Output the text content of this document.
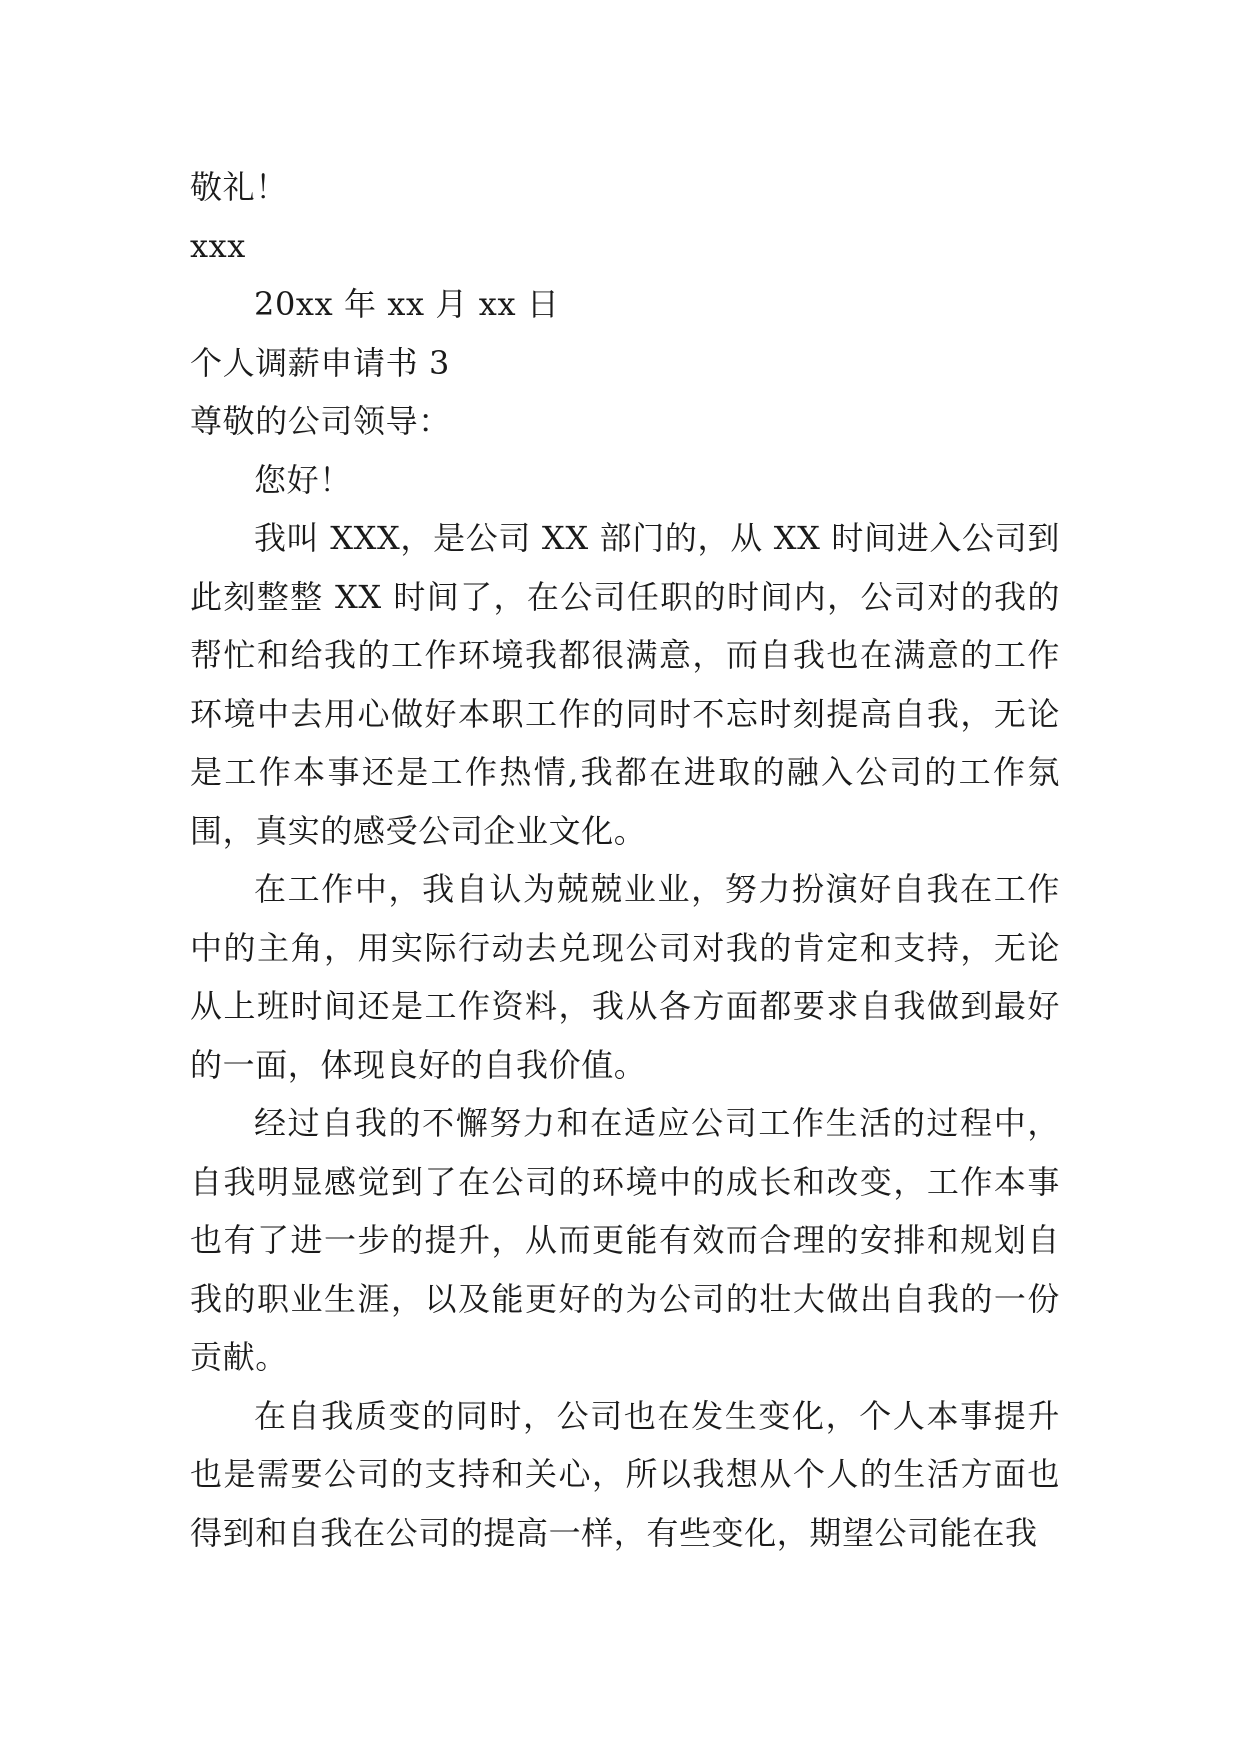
敬礼！

xxx

20xx 年 xx 月 xx 日

个人调薪申请书 3

尊敬的公司领导：

您好！

我叫 XXX，是公司 XX 部门的，从 XX 时间进入公司到此刻整整 XX 时间了，在公司任职的时间内，公司对的我的帮忙和给我的工作环境我都很满意，而自我也在满意的工作环境中去用心做好本职工作的同时不忘时刻提高自我，无论是工作本事还是工作热情,我都在进取的融入公司的工作氛围，真实的感受公司企业文化。

在工作中，我自认为兢兢业业，努力扮演好自我在工作中的主角，用实际行动去兑现公司对我的肯定和支持，无论从上班时间还是工作资料，我从各方面都要求自我做到最好的一面，体现良好的自我价值。

经过自我的不懈努力和在适应公司工作生活的过程中，自我明显感觉到了在公司的环境中的成长和改变，工作本事也有了进一步的提升，从而更能有效而合理的安排和规划自我的职业生涯，以及能更好的为公司的壮大做出自我的一份贡献。

在自我质变的同时，公司也在发生变化，个人本事提升也是需要公司的支持和关心，所以我想从个人的生活方面也得到和自我在公司的提高一样，有些变化，期望公司能在我
